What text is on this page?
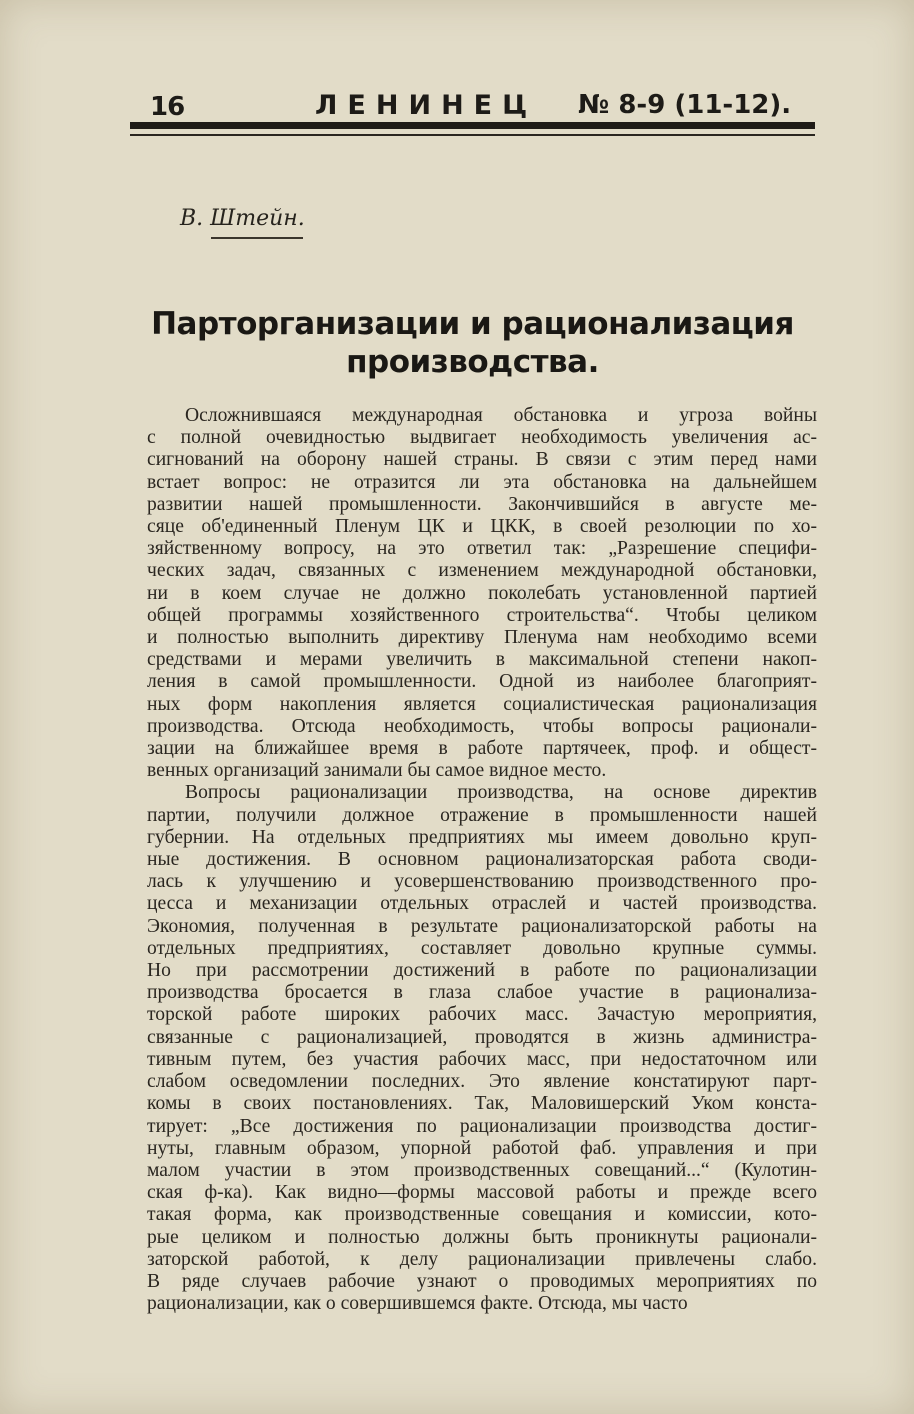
16	ЛЕНИНЕЦ № 8-9 (11-12).
В. Штейн.
Парторганизации и рационализация
производства.
Осложнившаяся международная обстановка и угроза войны
с полной очевидностью выдвигает необходимость увеличения ас-
сигнований на оборону нашей страны. В связи с этим перед нами
встает вопрос: не отразится ли эта обстановка на дальнейшем
развитии нашей промышленности. Закончившийся в августе ме-
сяце об'единенный Пленум ЦК и ЦКК, в своей резолюции по хо-
зяйственному вопросу, на это ответил так: „Разрешение специфи-
ческих задач, связанных с изменением международной обстановки,
ни в коем случае не должно поколебать установленной партией
общей программы хозяйственного строительства“. Чтобы целиком
и полностью выполнить директиву Пленума нам необходимо всеми
средствами и мерами увеличить в максимальной степени накоп-
ления в самой промышленности. Одной из наиболее благоприят-
ных форм накопления является социалистическая рационализация
производства. Отсюда необходимость, чтобы вопросы рационали-
зации на ближайшее время в работе партячеек, проф. и общест-
венных организаций занимали бы самое видное место.
Вопросы рационализации производства, на основе директив
партии, получили должное отражение в промышленности нашей
губернии. На отдельных предприятиях мы имеем довольно круп-
ные достижения. В основном рационализаторская работа своди-
лась к улучшению и усовершенствованию производственного про-
цесса и механизации отдельных отраслей и частей производства.
Экономия, полученная в результате рационализаторской работы на
отдельных предприятиях, составляет довольно крупные суммы.
Но при рассмотрении достижений в работе по рационализации
производства бросается в глаза слабое участие в рационализа-
торской работе широких рабочих масс. Зачастую мероприятия,
связанные с рационализацией, проводятся в жизнь администра-
тивным путем, без участия рабочих масс, при недостаточном или
слабом осведомлении последних. Это явление констатируют парт-
комы в своих постановлениях. Так, Маловишерский Уком конста-
тирует: „Все достижения по рационализации производства достиг-
нуты, главным образом, упорной работой фаб. управления и при
малом участии в этом производственных совещаний...“ (Кулотин-
ская ф-ка). Как видно—формы массовой работы и прежде всего
такая форма, как производственные совещания и комиссии, кото-
рые целиком и полностью должны быть проникнуты рационали-
заторской работой, к делу рационализации привлечены слабо.
В ряде случаев рабочие узнают о проводимых мероприятиях по
рационализации, как о совершившемся факте. Отсюда, мы часто
